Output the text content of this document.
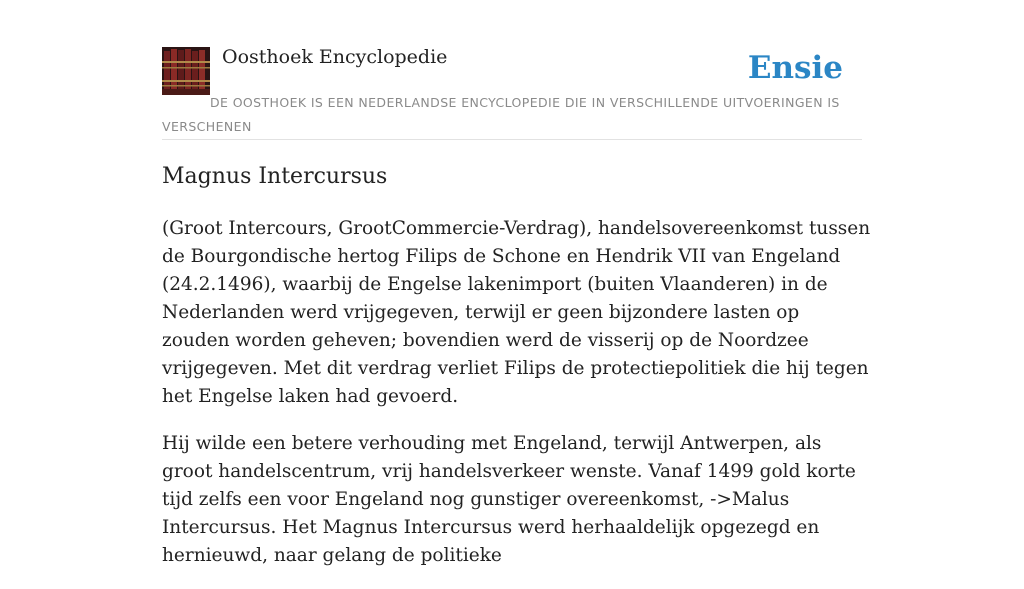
Oosthoek Encyclopedie	Ensie
DE OOSTHOEK IS EEN NEDERLANDSE ENCYCLOPEDIE DIE IN VERSCHILLENDE UITVOERINGEN IS VERSCHENEN
Magnus Intercursus

(Groot Intercours, GrootCommercie-Verdrag), handelsovereenkomst tussen de Bourgondische hertog Filips de Schone en Hendrik VII van Engeland (24.2.1496), waarbij de Engelse lakenimport (buiten Vlaanderen) in de Nederlanden werd vrijgegeven, terwijl er geen bijzondere lasten op zouden worden geheven; bovendien werd de visserij op de Noordzee vrijgegeven. Met dit verdrag verliet Filips de protectiepolitiek die hij tegen het Engelse laken had gevoerd.

Hij wilde een betere verhouding met Engeland, terwijl Antwerpen, als groot handelscentrum, vrij handelsverkeer wenste. Vanaf 1499 gold korte tijd zelfs een voor Engeland nog gunstiger overeenkomst, ->Malus Intercursus. Het Magnus Intercursus werd herhaaldelijk opgezegd en hernieuwd, naar gelang de politieke
